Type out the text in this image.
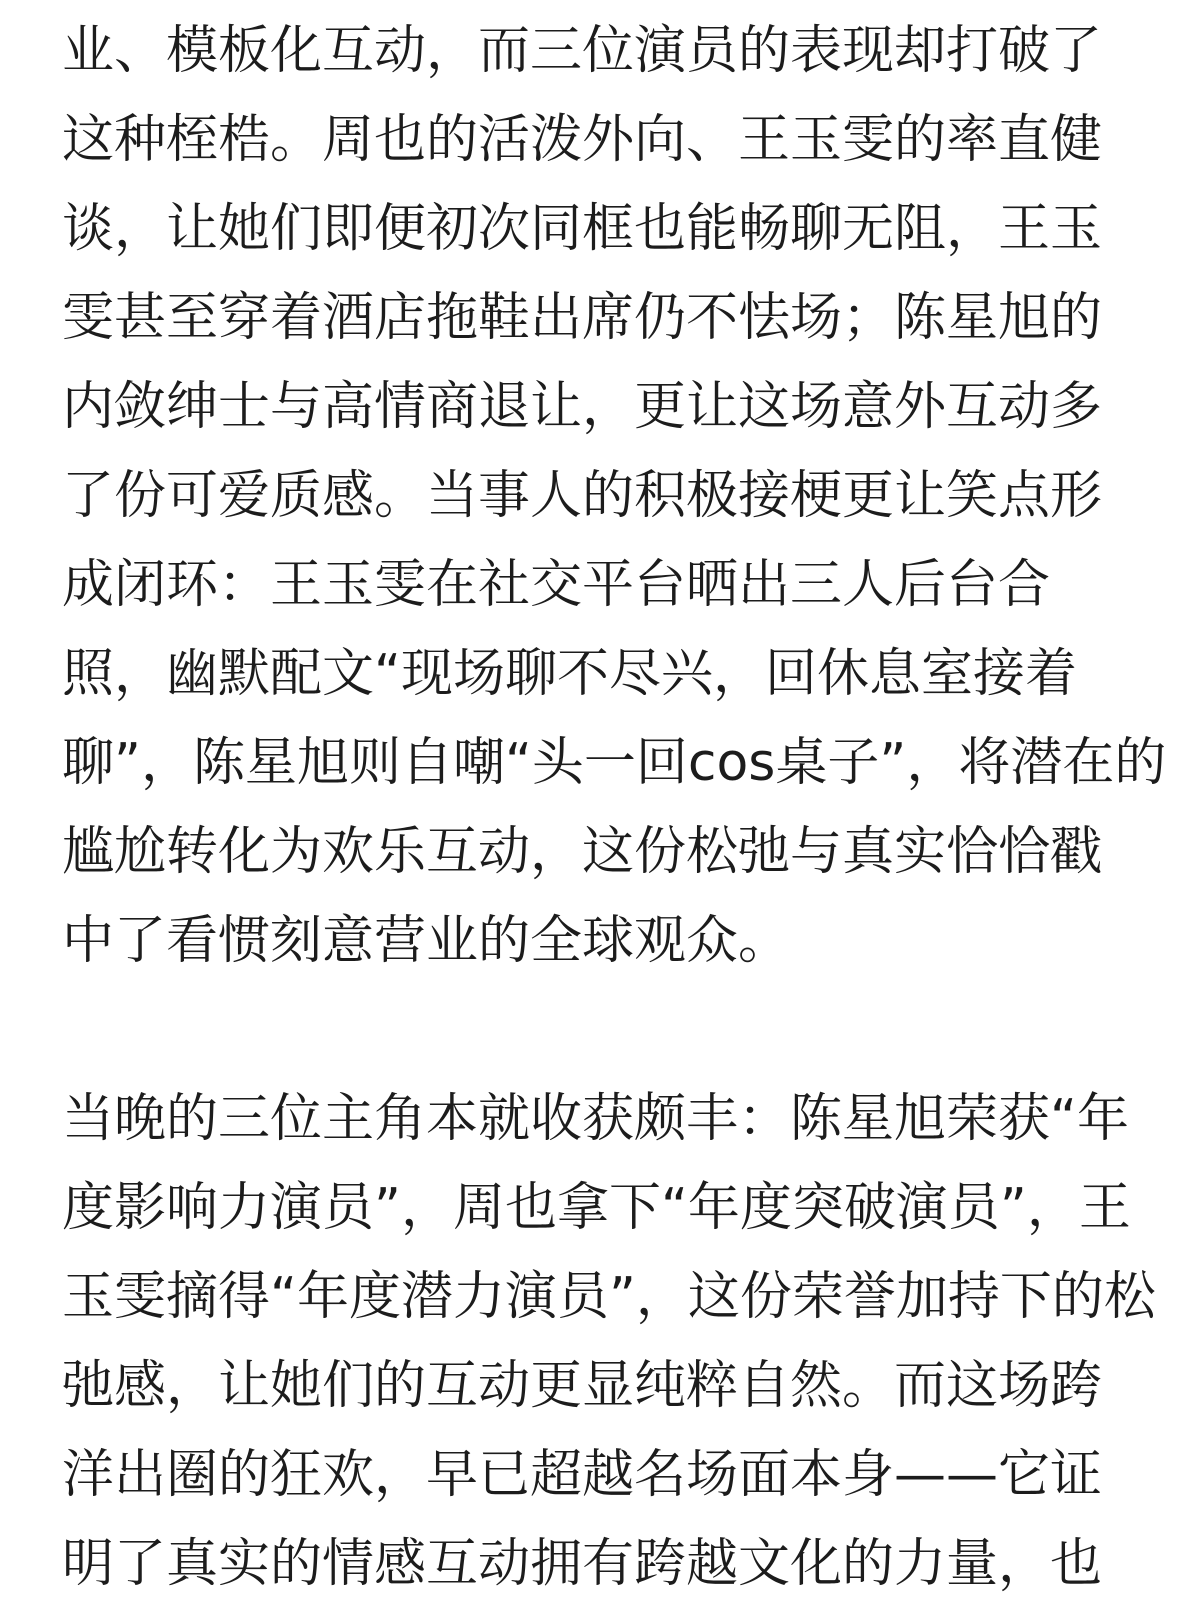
业、模板化互动，而三位演员的表现却打破了
这种桎梏。周也的活泼外向、王玉雯的率直健
谈，让她们即便初次同框也能畅聊无阻，王玉
雯甚至穿着酒店拖鞋出席仍不怯场；陈星旭的
内敛绅士与高情商退让，更让这场意外互动多
了份可爱质感。当事人的积极接梗更让笑点形
成闭环：王玉雯在社交平台晒出三人后台合
照，幽默配文“现场聊不尽兴，回休息室接着
聊”，陈星旭则自嘲“头一回cos桌子”，将潜在的
尴尬转化为欢乐互动，这份松弛与真实恰恰戳
中了看惯刻意营业的全球观众。

当晚的三位主角本就收获颇丰：陈星旭荣获“年
度影响力演员”，周也拿下“年度突破演员”，王
玉雯摘得“年度潜力演员”，这份荣誉加持下的松
弛感，让她们的互动更显纯粹自然。而这场跨
洋出圈的狂欢，早已超越名场面本身——它证
明了真实的情感互动拥有跨越文化的力量，也
